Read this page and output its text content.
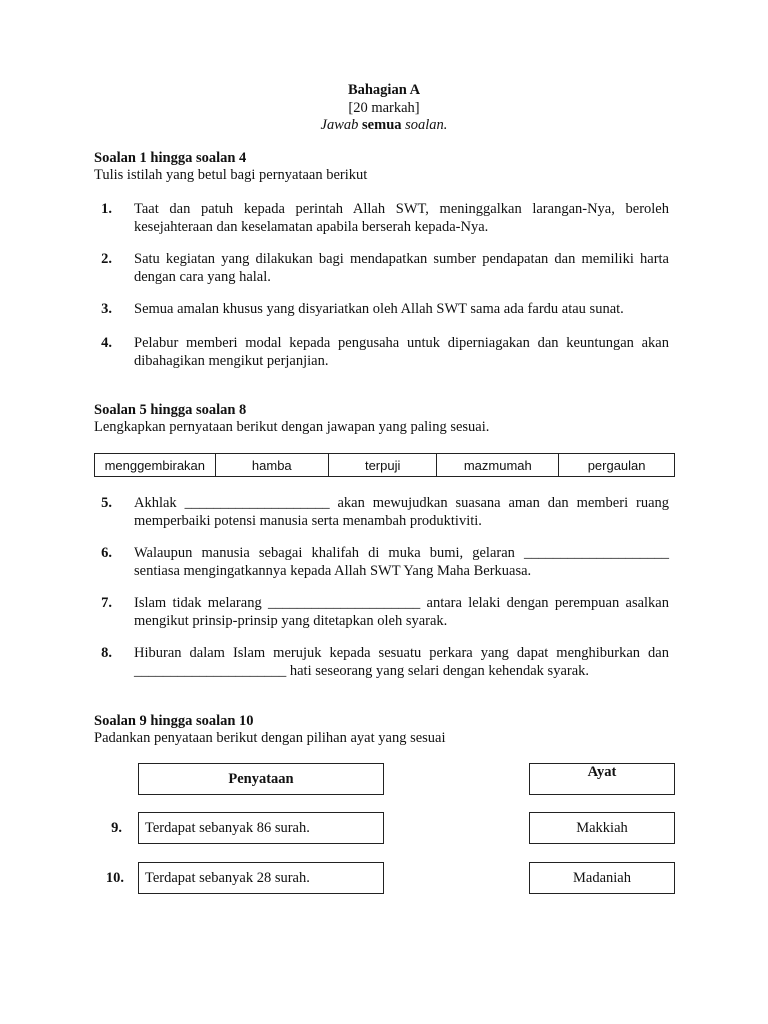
Bahagian A
[20 markah]
Jawab semua soalan.
Soalan 1 hingga soalan 4
Tulis istilah yang betul bagi pernyataan berikut
1. Taat dan patuh kepada perintah Allah SWT, meninggalkan larangan-Nya, beroleh kesejahteraan dan keselamatan apabila berserah kepada-Nya.
2. Satu kegiatan yang dilakukan bagi mendapatkan sumber pendapatan dan memiliki harta dengan cara yang halal.
3. Semua amalan khusus yang disyariatkan oleh Allah SWT sama ada fardu atau sunat.
4. Pelabur memberi modal kepada pengusaha untuk diperniagakan dan keuntungan akan dibahagikan mengikut perjanjian.
Soalan 5 hingga soalan 8
Lengkapkan pernyataan berikut dengan jawapan yang paling sesuai.
menggembirakan	hamba	terpuji	mazmumah	pergaulan
5. Akhlak ____________________ akan mewujudkan suasana aman dan memberi ruang memperbaiki potensi manusia serta menambah produktiviti.
6. Walaupun manusia sebagai khalifah di muka bumi, gelaran ____________________ sentiasa mengingatkannya kepada Allah SWT Yang Maha Berkuasa.
7. Islam tidak melarang _____________________ antara lelaki dengan perempuan asalkan mengikut prinsip-prinsip yang ditetapkan oleh syarak.
8. Hiburan dalam Islam merujuk kepada sesuatu perkara yang dapat menghiburkan dan _____________________ hati seseorang yang selari dengan kehendak syarak.
Soalan 9 hingga soalan 10
Padankan penyataan berikut dengan pilihan ayat yang sesuai
Penyataan	Ayat
9. Terdapat sebanyak 86 surah.	Makkiah
10. Terdapat sebanyak 28 surah.	Madaniah
